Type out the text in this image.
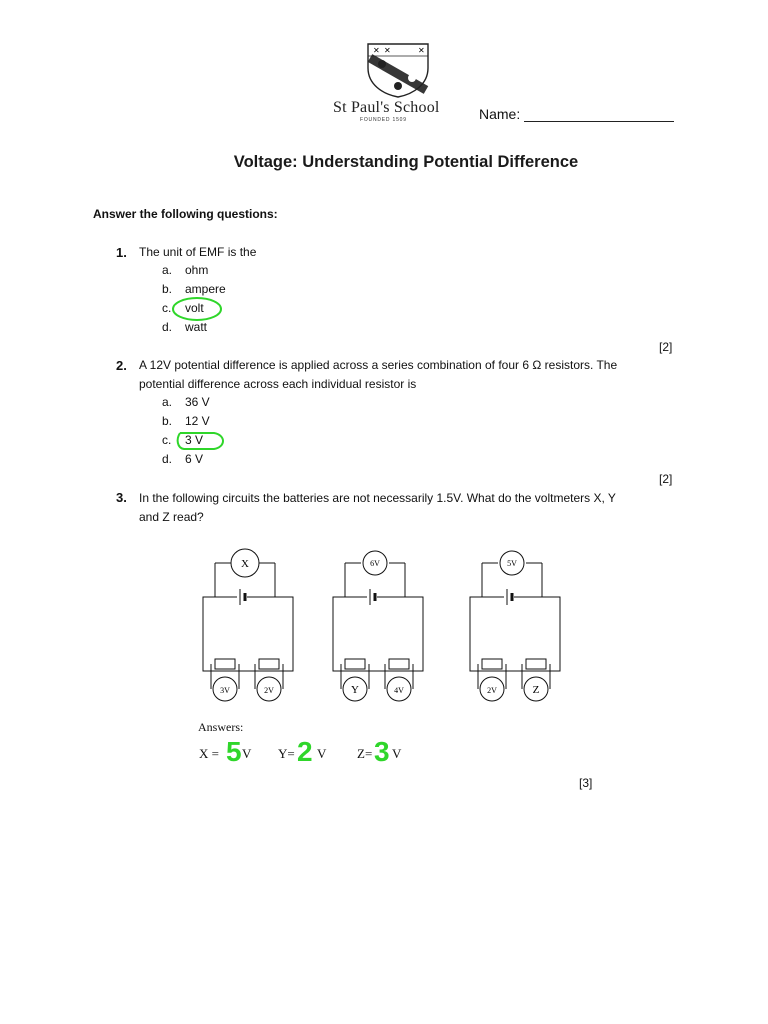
✕ ✕	✕
St Paul's School
FOUNDED 1509	Name:
Voltage: Understanding Potential Difference
Answer the following questions:
1. The unit of EMF is the
a. ohm
b. ampere
c. volt
d. watt
[2]
2. A 12V potential difference is applied across a series combination of four 6 Ω resistors. The
potential difference across each individual resistor is
a. 36 V
b. 12 V
c. 3 V
d. 6 V
[2]
3. In the following circuits the batteries are not necessarily 1.5V. What do the voltmeters X, Y
and Z read?
X
3V	2V
6V
Y	4V
5V
2V	Z
Answers:
X = 5 V Y= 2 V Z= 3 V
[3]
